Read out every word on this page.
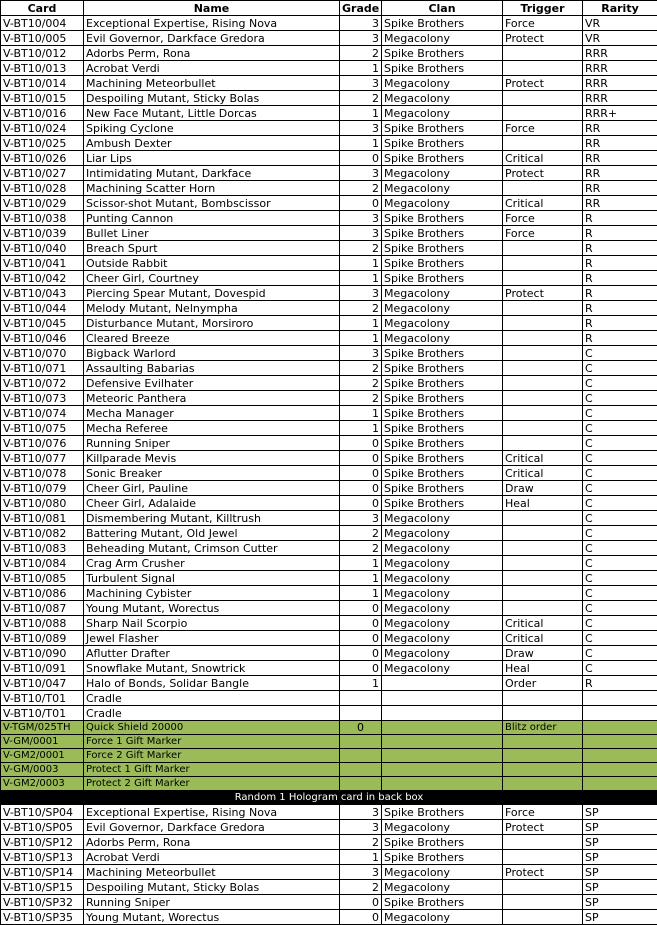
Card	Name	Grade	Clan	Trigger	Rarity
V-BT10/004	Exceptional Expertise, Rising Nova	3	Spike Brothers	Force	VR
V-BT10/005	Evil Governor, Darkface Gredora	3	Megacolony	Protect	VR
V-BT10/012	Adorbs Perm, Rona	2	Spike Brothers		RRR
V-BT10/013	Acrobat Verdi	1	Spike Brothers		RRR
V-BT10/014	Machining Meteorbullet	3	Megacolony	Protect	RRR
V-BT10/015	Despoiling Mutant, Sticky Bolas	2	Megacolony		RRR
V-BT10/016	New Face Mutant, Little Dorcas	1	Megacolony		RRR+
V-BT10/024	Spiking Cyclone	3	Spike Brothers	Force	RR
V-BT10/025	Ambush Dexter	1	Spike Brothers		RR
V-BT10/026	Liar Lips	0	Spike Brothers	Critical	RR
V-BT10/027	Intimidating Mutant, Darkface	3	Megacolony	Protect	RR
V-BT10/028	Machining Scatter Horn	2	Megacolony		RR
V-BT10/029	Scissor-shot Mutant, Bombscissor	0	Megacolony	Critical	RR
V-BT10/038	Punting Cannon	3	Spike Brothers	Force	R
V-BT10/039	Bullet Liner	3	Spike Brothers	Force	R
V-BT10/040	Breach Spurt	2	Spike Brothers		R
V-BT10/041	Outside Rabbit	1	Spike Brothers		R
V-BT10/042	Cheer Girl, Courtney	1	Spike Brothers		R
V-BT10/043	Piercing Spear Mutant, Dovespid	3	Megacolony	Protect	R
V-BT10/044	Melody Mutant, Nelnympha	2	Megacolony		R
V-BT10/045	Disturbance Mutant, Morsiroro	1	Megacolony		R
V-BT10/046	Cleared Breeze	1	Megacolony		R
V-BT10/070	Bigback Warlord	3	Spike Brothers		C
V-BT10/071	Assaulting Babarias	2	Spike Brothers		C
V-BT10/072	Defensive Evilhater	2	Spike Brothers		C
V-BT10/073	Meteoric Panthera	2	Spike Brothers		C
V-BT10/074	Mecha Manager	1	Spike Brothers		C
V-BT10/075	Mecha Referee	1	Spike Brothers		C
V-BT10/076	Running Sniper	0	Spike Brothers		C
V-BT10/077	Killparade Mevis	0	Spike Brothers	Critical	C
V-BT10/078	Sonic Breaker	0	Spike Brothers	Critical	C
V-BT10/079	Cheer Girl, Pauline	0	Spike Brothers	Draw	C
V-BT10/080	Cheer Girl, Adalaide	0	Spike Brothers	Heal	C
V-BT10/081	Dismembering Mutant, Killtrush	3	Megacolony		C
V-BT10/082	Battering Mutant, Old Jewel	2	Megacolony		C
V-BT10/083	Beheading Mutant, Crimson Cutter	2	Megacolony		C
V-BT10/084	Crag Arm Crusher	1	Megacolony		C
V-BT10/085	Turbulent Signal	1	Megacolony		C
V-BT10/086	Machining Cybister	1	Megacolony		C
V-BT10/087	Young Mutant, Worectus	0	Megacolony		C
V-BT10/088	Sharp Nail Scorpio	0	Megacolony	Critical	C
V-BT10/089	Jewel Flasher	0	Megacolony	Critical	C
V-BT10/090	Aflutter Drafter	0	Megacolony	Draw	C
V-BT10/091	Snowflake Mutant, Snowtrick	0	Megacolony	Heal	C
V-BT10/047	Halo of Bonds, Solidar Bangle	1		Order	R
V-BT10/T01	Cradle				
V-BT10/T01	Cradle				
V-TGM/025TH	Quick Shield 20000	0		Blitz order	
V-GM/0001	Force 1 Gift Marker				
V-GM2/0001	Force 2 Gift Marker				
V-GM/0003	Protect 1 Gift Marker				
V-GM2/0003	Protect 2 Gift Marker				
Random 1 Hologram card in back box					
V-BT10/SP04	Exceptional Expertise, Rising Nova	3	Spike Brothers	Force	SP
V-BT10/SP05	Evil Governor, Darkface Gredora	3	Megacolony	Protect	SP
V-BT10/SP12	Adorbs Perm, Rona	2	Spike Brothers		SP
V-BT10/SP13	Acrobat Verdi	1	Spike Brothers		SP
V-BT10/SP14	Machining Meteorbullet	3	Megacolony	Protect	SP
V-BT10/SP15	Despoiling Mutant, Sticky Bolas	2	Megacolony		SP
V-BT10/SP32	Running Sniper	0	Spike Brothers		SP
V-BT10/SP35	Young Mutant, Worectus	0	Megacolony		SP
